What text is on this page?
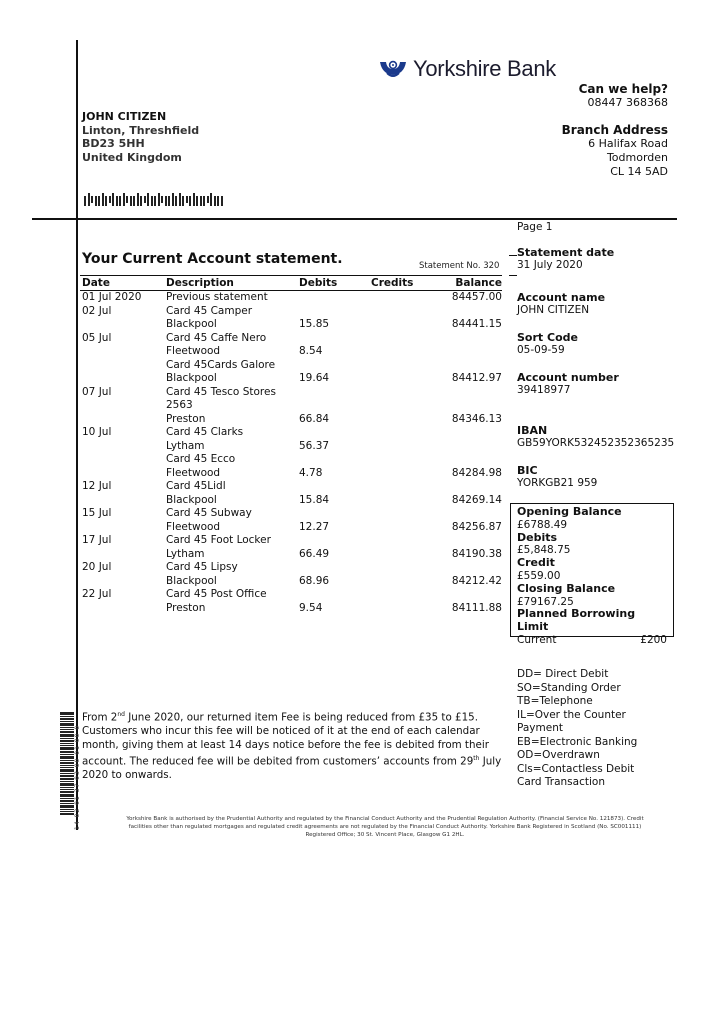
Yorkshire Bank
Can we help?
08447 368368
Branch Address
6 Halifax Road
Todmorden
CL 14 5AD
JOHN CITIZEN
Linton, Threshfield
BD23 5HH
United Kingdom
Your Current Account statement.	Statement No. 320
Date	Description	Debits	Credits	Balance
01 Jul 2020	Previous statement	84457.00
02 Jul	Card 45 Camper
Blackpool	15.85	84441.15
05 Jul	Card 45 Caffe Nero
Fleetwood	8.54
Card 45Cards Galore
Blackpool	19.64	84412.97
07 Jul	Card 45 Tesco Stores
2563
Preston	66.84	84346.13
10 Jul	Card 45 Clarks
Lytham	56.37
Card 45 Ecco
Fleetwood	4.78	84284.98
12 Jul	Card 45Lidl
Blackpool	15.84	84269.14
15 Jul	Card 45 Subway
Fleetwood	12.27	84256.87
17 Jul	Card 45 Foot Locker
Lytham	66.49	84190.38
20 Jul	Card 45 Lipsy
Blackpool	68.96	84212.42
22 Jul	Card 45 Post Office
Preston	9.54	84111.88
Page 1
Statement date
31 July 2020
Account name
JOHN CITIZEN
Sort Code
05-09-59
Account number
39418977
IBAN
GB59YORK532452352365235
BIC
YORKGB21 959
Opening Balance
£6788.49
Debits
£5,848.75
Credit
£559.00
Closing Balance
£79167.25
Planned Borrowing Limit
Current	£200
DD= Direct Debit
SO=Standing Order
TB=Telephone
IL=Over the Counter
Payment
EB=Electronic Banking
OD=Overdrawn
Cls=Contactless Debit
Card Transaction
From 2nd June 2020, our returned item Fee is being reduced from £35 to £15. Customers who incur this fee will be noticed of it at the end of each calendar month, giving them at least 14 days notice before the fee is debited from their account. The reduced fee will be debited from customers’ accounts from 29th July 2020 to onwards.
Yorkshire Bank is authorised by the Prudential Authority and regulated by the Financial Conduct Authority and the Prudential Regulation Authority. (Financial Service No. 121873). Credit
facilities other than regulated mortgages and regulated credit agreements are not regulated by the Financial Conduct Authority. Yorkshire Bank Registered in Scotland (No. SC001111)
Registered Office; 30 St. Vincent Place, Glasgow G1 2HL.
14 02 01 37 03 00 01 00 0
